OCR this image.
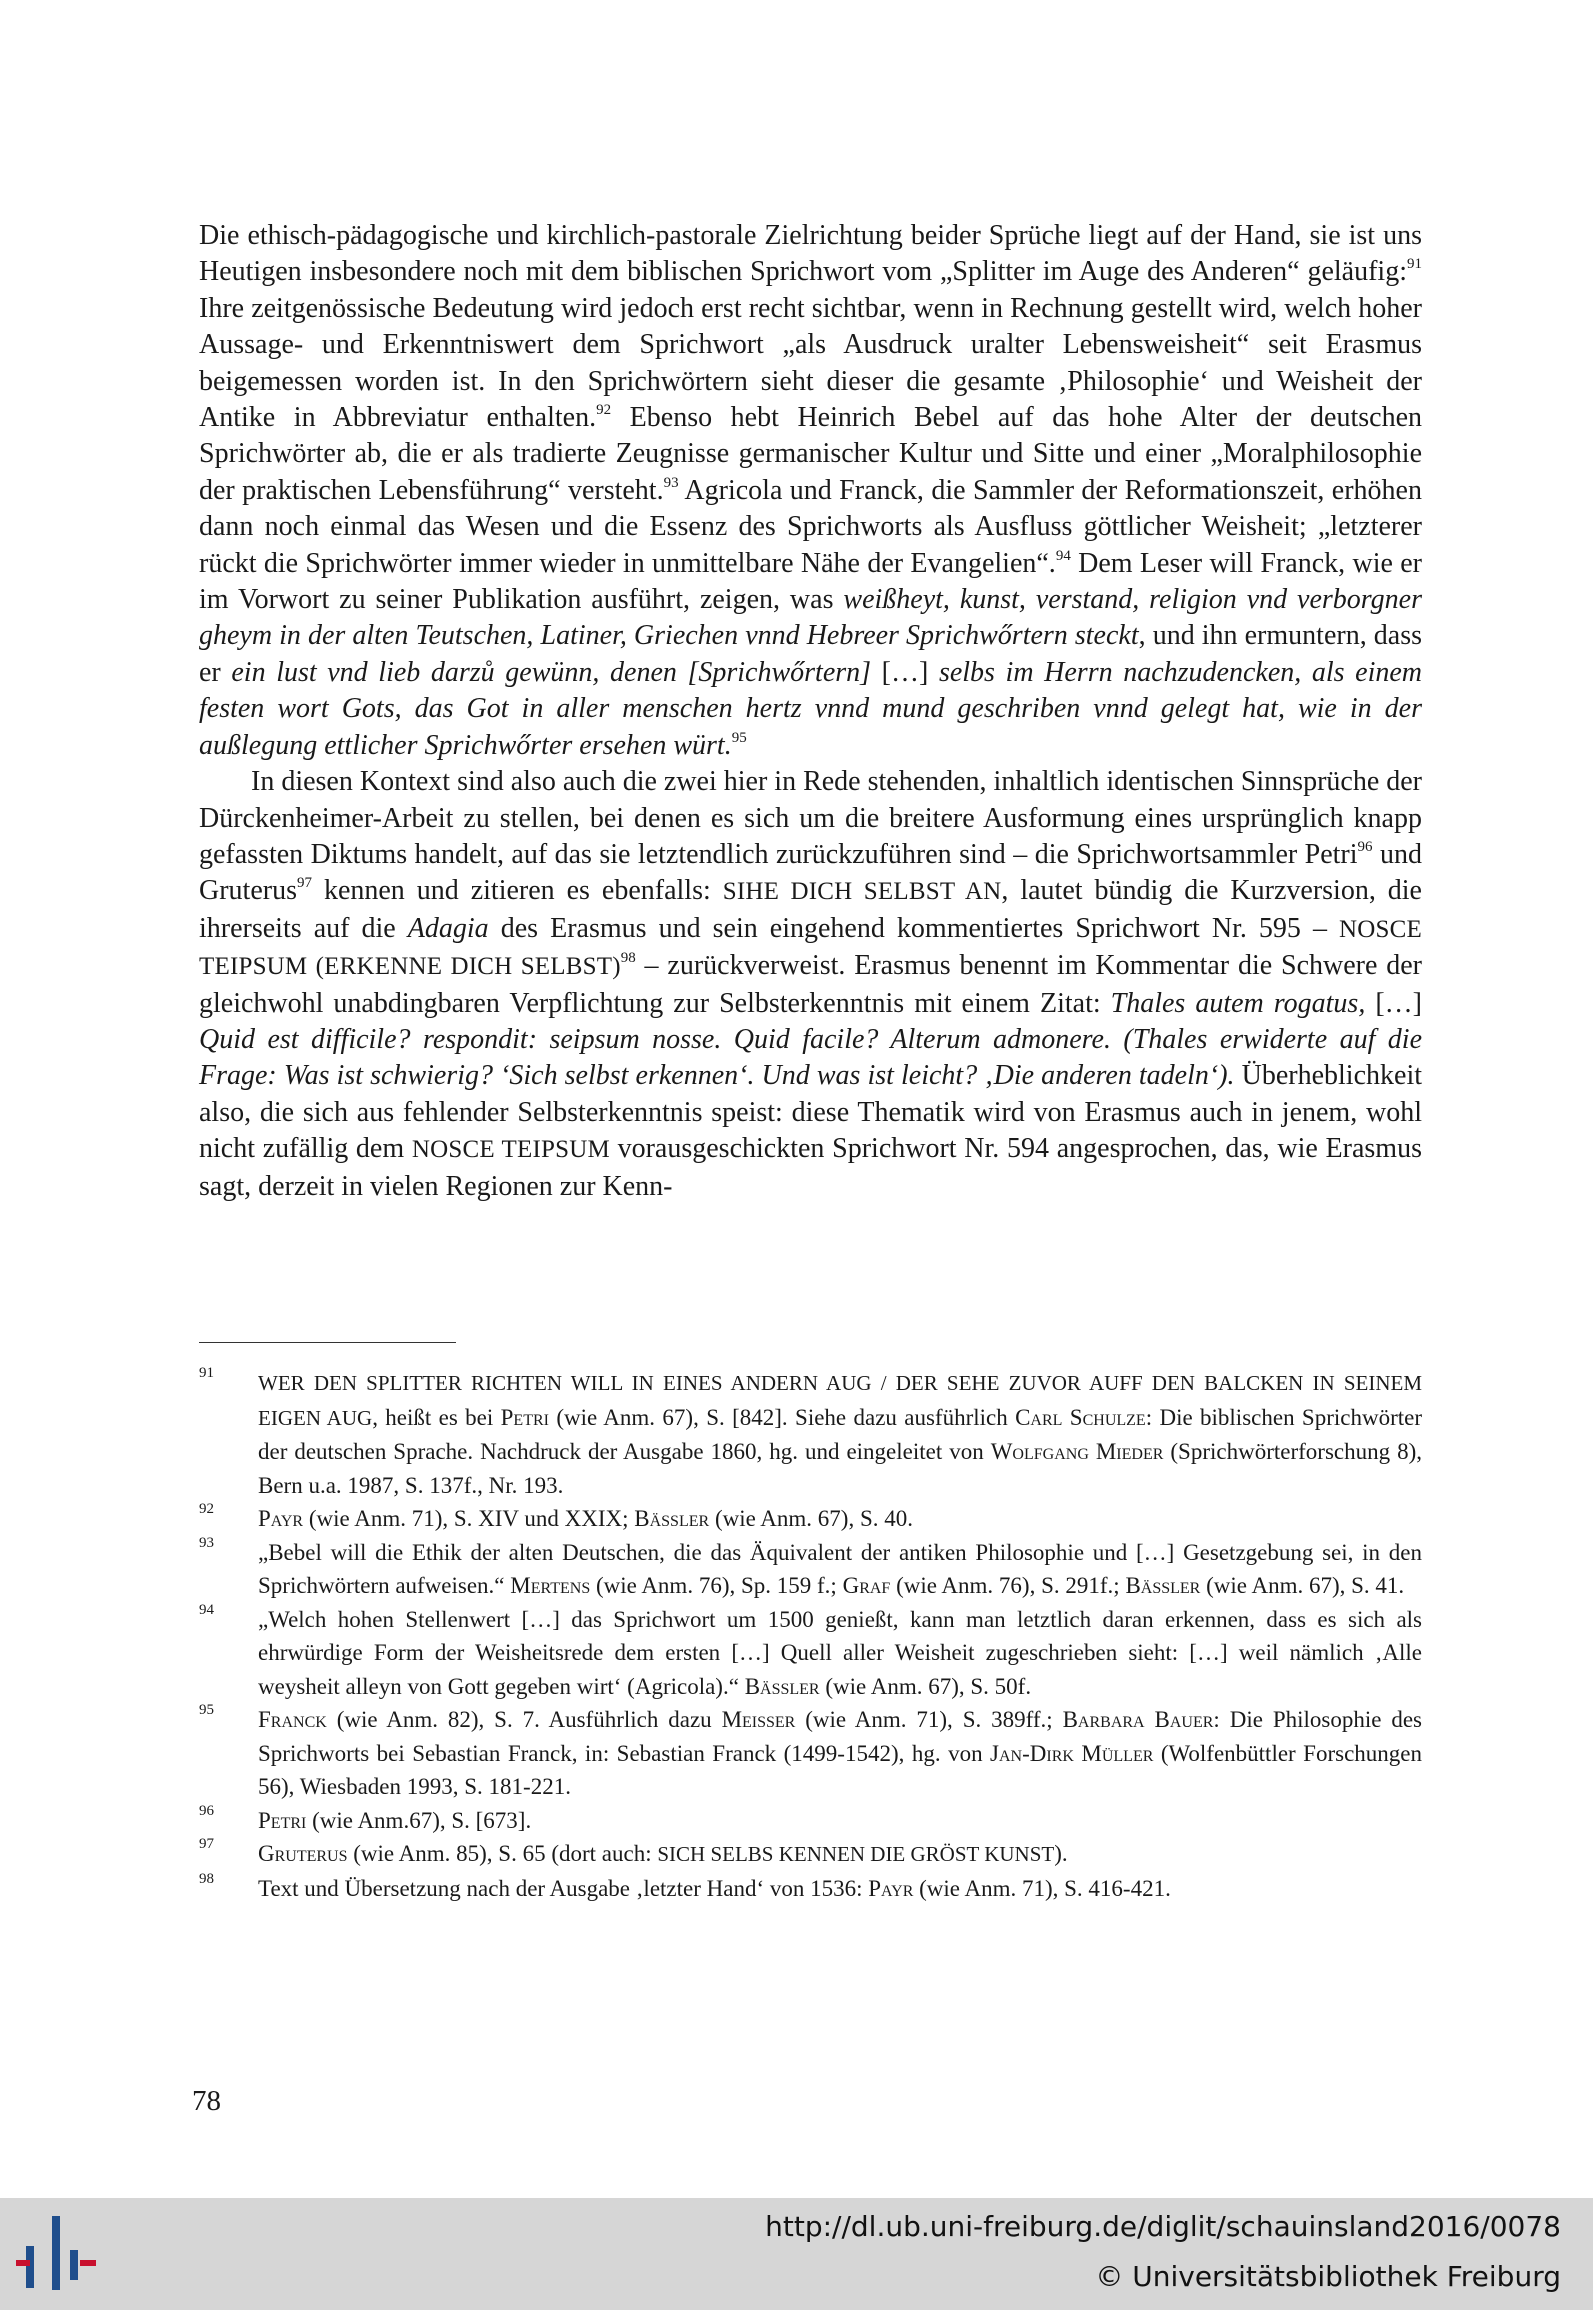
Die ethisch-pädagogische und kirchlich-pastorale Zielrichtung beider Sprüche liegt auf der Hand, sie ist uns Heutigen insbesondere noch mit dem biblischen Sprichwort vom „Splitter im Auge des Anderen“ geläufig:$^{91}$ Ihre zeitgenössische Bedeutung wird jedoch erst recht sichtbar, wenn in Rechnung gestellt wird, welch hoher Aussage- und Erkenntniswert dem Sprichwort „als Ausdruck uralter Lebensweisheit“ seit Erasmus beigemessen worden ist. In den Sprichwörtern sieht dieser die gesamte ‚Philosophie‘ und Weisheit der Antike in Abbreviatur enthalten.$^{92}$ Ebenso hebt Heinrich Bebel auf das hohe Alter der deutschen Sprichwörter ab, die er als tradierte Zeugnisse germanischer Kultur und Sitte und einer „Moralphilosophie der praktischen Lebensführung“ versteht.$^{93}$ Agricola und Franck, die Sammler der Reformationszeit, erhöhen dann noch einmal das Wesen und die Essenz des Sprichworts als Ausfluss göttlicher Weisheit; „letzterer rückt die Sprichwörter immer wieder in unmittelbare Nähe der Evangelien“.$^{94}$ Dem Leser will Franck, wie er im Vorwort zu seiner Publikation ausführt, zeigen, was weißheyt, kunst, verstand, religion vnd verborgner gheym in der alten Teutschen, Latiner, Griechen vnnd Hebreer Sprichwőrtern steckt, und ihn ermuntern, dass er ein lust vnd lieb darzů gewünn, denen [Sprichwőrtern] […] selbs im Herrn nachzudencken, als einem festen wort Gots, das Got in aller menschen hertz vnnd mund geschriben vnnd gelegt hat, wie in der außlegung ettlicher Sprichwőrter ersehen würt.$^{95}$

In diesen Kontext sind also auch die zwei hier in Rede stehenden, inhaltlich identischen Sinnsprüche der Dürckenheimer-Arbeit zu stellen, bei denen es sich um die breitere Ausformung eines ursprünglich knapp gefassten Diktums handelt, auf das sie letztendlich zurückzuführen sind – die Sprichwortsammler Petri$^{96}$ und Gruterus$^{97}$ kennen und zitieren es ebenfalls: SIHE DICH SELBST AN, lautet bündig die Kurzversion, die ihrerseits auf die Adagia des Erasmus und sein eingehend kommentiertes Sprichwort Nr. 595 – NOSCE TEIPSUM (ERKENNE DICH SELBST)$^{98}$ – zurückverweist. Erasmus benennt im Kommentar die Schwere der gleichwohl unabdingbaren Verpflichtung zur Selbsterkenntnis mit einem Zitat: Thales autem rogatus, […] Quid est difficile? respondit: seipsum nosse. Quid facile? Alterum admonere. (Thales erwiderte auf die Frage: Was ist schwierig? ‘Sich selbst erkennen‘. Und was ist leicht? ‚Die anderen tadeln‘). Überheblichkeit also, die sich aus fehlender Selbsterkenntnis speist: diese Thematik wird von Erasmus auch in jenem, wohl nicht zufällig dem NOSCE TEIPSUM vorausgeschickten Sprichwort Nr. 594 angesprochen, das, wie Erasmus sagt, derzeit in vielen Regionen zur Kenn-

91 WER DEN SPLITTER RICHTEN WILL IN EINES ANDERN AUG / DER SEHE ZUVOR AUFF DEN BALCKEN IN SEINEM EIGEN AUG, heißt es bei Petri (wie Anm. 67), S. [842]. Siehe dazu ausführlich Carl Schulze: Die biblischen Sprichwörter der deutschen Sprache. Nachdruck der Ausgabe 1860, hg. und eingeleitet von Wolfgang Mieder (Sprichwörterforschung 8), Bern u.a. 1987, S. 137f., Nr. 193.
92 Payr (wie Anm. 71), S. XIV und XXIX; Bässler (wie Anm. 67), S. 40.
93 „Bebel will die Ethik der alten Deutschen, die das Äquivalent der antiken Philosophie und […] Gesetzgebung sei, in den Sprichwörtern aufweisen.“ Mertens (wie Anm. 76), Sp. 159 f.; Graf (wie Anm. 76), S. 291f.; Bässler (wie Anm. 67), S. 41.
94 „Welch hohen Stellenwert […] das Sprichwort um 1500 genießt, kann man letztlich daran erkennen, dass es sich als ehrwürdige Form der Weisheitsrede dem ersten […] Quell aller Weisheit zugeschrieben sieht: […] weil nämlich ‚Alle weysheit alleyn von Gott gegeben wirt‘ (Agricola).“ Bässler (wie Anm. 67), S. 50f.
95 Franck (wie Anm. 82), S. 7. Ausführlich dazu Meisser (wie Anm. 71), S. 389ff.; Barbara Bauer: Die Philosophie des Sprichworts bei Sebastian Franck, in: Sebastian Franck (1499-1542), hg. von Jan-Dirk Müller (Wolfenbüttler Forschungen 56), Wiesbaden 1993, S. 181-221.
96 Petri (wie Anm.67), S. [673].
97 Gruterus (wie Anm. 85), S. 65 (dort auch: SICH SELBS KENNEN DIE GRÖST KUNST).
98 Text und Übersetzung nach der Ausgabe ‚letzter Hand‘ von 1536: Payr (wie Anm. 71), S. 416-421.
78
http://dl.ub.uni-freiburg.de/diglit/schauinsland2016/0078
© Universitätsbibliothek Freiburg
